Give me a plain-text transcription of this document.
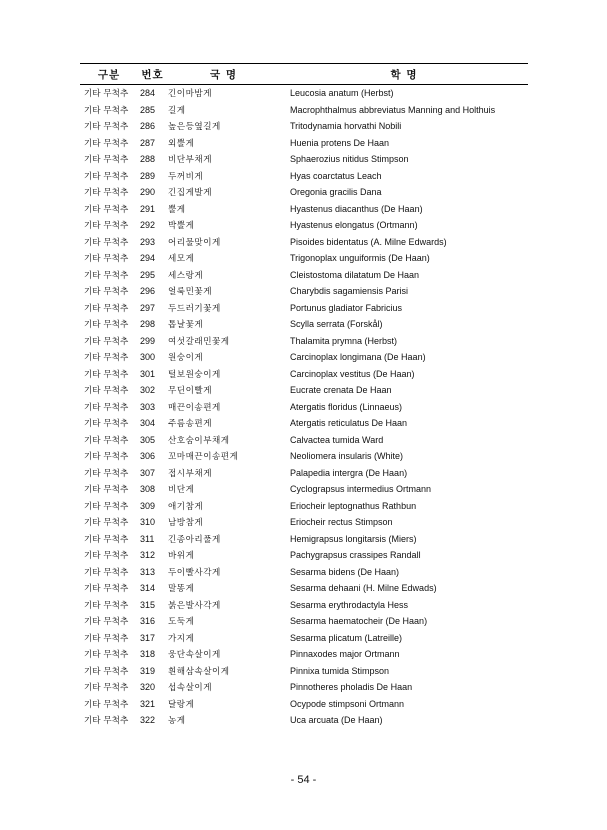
구분	번호	국 명	학 명
기타 무척추	284	긴이마밤게	Leucosia anatum (Herbst)
기타 무척추	285	길게	Macrophthalmus abbreviatus Manning and Holthuis
기타 무척추	286	높은등옆길게	Tritodynamia horvathi Nobili
기타 무척추	287	외뿔게	Huenia protens De Haan
기타 무척추	288	비단부채게	Sphaerozius nitidus Stimpson
기타 무척추	289	두꺼비게	Hyas coarctatus Leach
기타 무척추	290	긴집게발게	Oregonia gracilis Dana
기타 무척추	291	뿔게	Hyastenus diacanthus (De Haan)
기타 무척추	292	박뿔게	Hyastenus elongatus (Ortmann)
기타 무척추	293	어리물맞이게	Pisoides bidentatus (A. Milne Edwards)
기타 무척추	294	세모게	Trigonoplax unguiformis (De Haan)
기타 무척추	295	세스랑게	Cleistostoma dilatatum De Haan
기타 무척추	296	얼룩민꽃게	Charybdis sagamiensis Parisi
기타 무척추	297	두드러기꽃게	Portunus gladiator Fabricius
기타 무척추	298	톱날꽃게	Scylla serrata (Forskål)
기타 무척추	299	여섯갈래민꽃게	Thalamita prymna (Herbst)
기타 무척추	300	원숭이게	Carcinoplax longimana (De Haan)
기타 무척추	301	털보원숭이게	Carcinoplax vestitus (De Haan)
기타 무척추	302	무딘이빨게	Eucrate crenata De Haan
기타 무척추	303	매끈이송편게	Atergatis floridus (Linnaeus)
기타 무척추	304	주름송편게	Atergatis reticulatus De Haan
기타 무척추	305	산호숨이부채게	Calvactea tumida Ward
기타 무척추	306	꼬마매끈이송편게	Neoliomera insularis (White)
기타 무척추	307	접시부채게	Palapedia intergra (De Haan)
기타 무척추	308	비단게	Cyclograpsus intermedius Ortmann
기타 무척추	309	애기참게	Eriocheir leptognathus Rathbun
기타 무척추	310	남방참게	Eriocheir rectus Stimpson
기타 무척추	311	긴종아리풀게	Hemigrapsus longitarsis (Miers)
기타 무척추	312	바위게	Pachygrapsus crassipes Randall
기타 무척추	313	두이빨사각게	Sesarma bidens (De Haan)
기타 무척추	314	말똥게	Sesarma dehaani (H. Milne Edwads)
기타 무척추	315	붉은발사각게	Sesarma erythrodactyla Hess
기타 무척추	316	도둑게	Sesarma haematocheir (De Haan)
기타 무척추	317	가지게	Sesarma plicatum (Latreille)
기타 무척추	318	웅단속살이게	Pinnaxodes major Ortmann
기타 무척추	319	흰해삼속살이게	Pinnixa tumida Stimpson
기타 무척추	320	섭속살이게	Pinnotheres pholadis De Haan
기타 무척추	321	달랑게	Ocypode stimpsoni Ortmann
기타 무척추	322	농게	Uca arcuata (De Haan)
- 54 -
